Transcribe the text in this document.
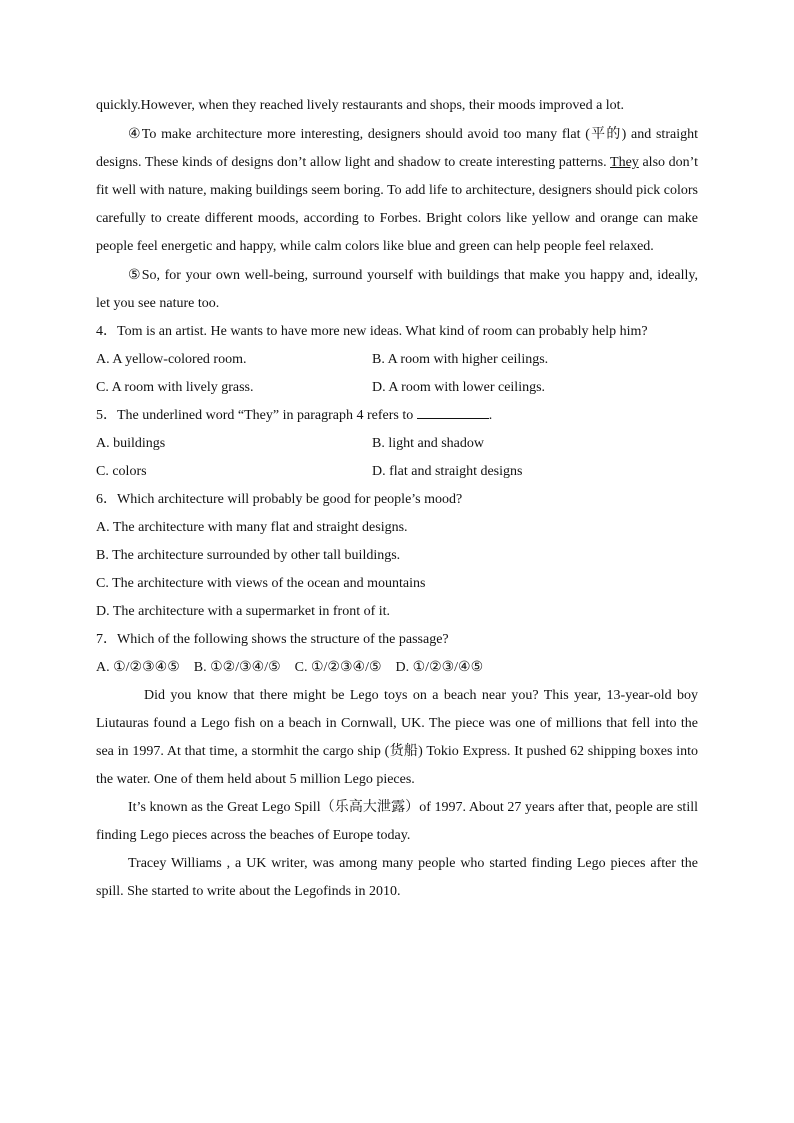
quickly.However, when they reached lively restaurants and shops, their moods improved a lot.

④To make architecture more interesting, designers should avoid too many flat (平的) and straight designs. These kinds of designs don’t allow light and shadow to create interesting patterns. They also don’t fit well with nature, making buildings seem boring. To add life to architecture, designers should pick colors carefully to create different moods, according to Forbes. Bright colors like yellow and orange can make people feel energetic and happy, while calm colors like blue and green can help people feel relaxed.

⑤So, for your own well-being, surround yourself with buildings that make you happy and, ideally, let you see nature too.

4．Tom is an artist. He wants to have more new ideas. What kind of room can probably help him?

A. A yellow-colored room.

C. A room with lively grass.

B. A room with higher ceilings.

D. A room with lower ceilings.

5．The underlined word “They” in paragraph 4 refers to	.

A. buildings

C. colors

B. light and shadow

D. flat and straight designs

6．Which architecture will probably be good for people’s mood?

A. The architecture with many flat and straight designs.

B. The architecture surrounded by other tall buildings.

C. The architecture with views of the ocean and mountains

D. The architecture with a supermarket in front of it.

7．Which of the following shows the structure of the passage?

A. ①/②③④⑤ B. ①②/③④/⑤ C. ①/②③④/⑤ D. ①/②③/④⑤

Did you know that there might be Lego toys on a beach near you? This year, 13-year-old boy Liutauras found a Lego fish on a beach in Cornwall, UK. The piece was one of millions that fell into the sea in 1997. At that time, a stormhit the cargo ship (货船) Tokio Express. It pushed 62 shipping boxes into the water. One of them held about 5 million Lego pieces.

It’s known as the Great Lego Spill（乐高大泄露）of 1997. About 27 years after that, people are still finding Lego pieces across the beaches of Europe today.

Tracey Williams , a UK writer, was among many people who started finding Lego pieces after the spill. She started to write about the Legofinds in 2010.
